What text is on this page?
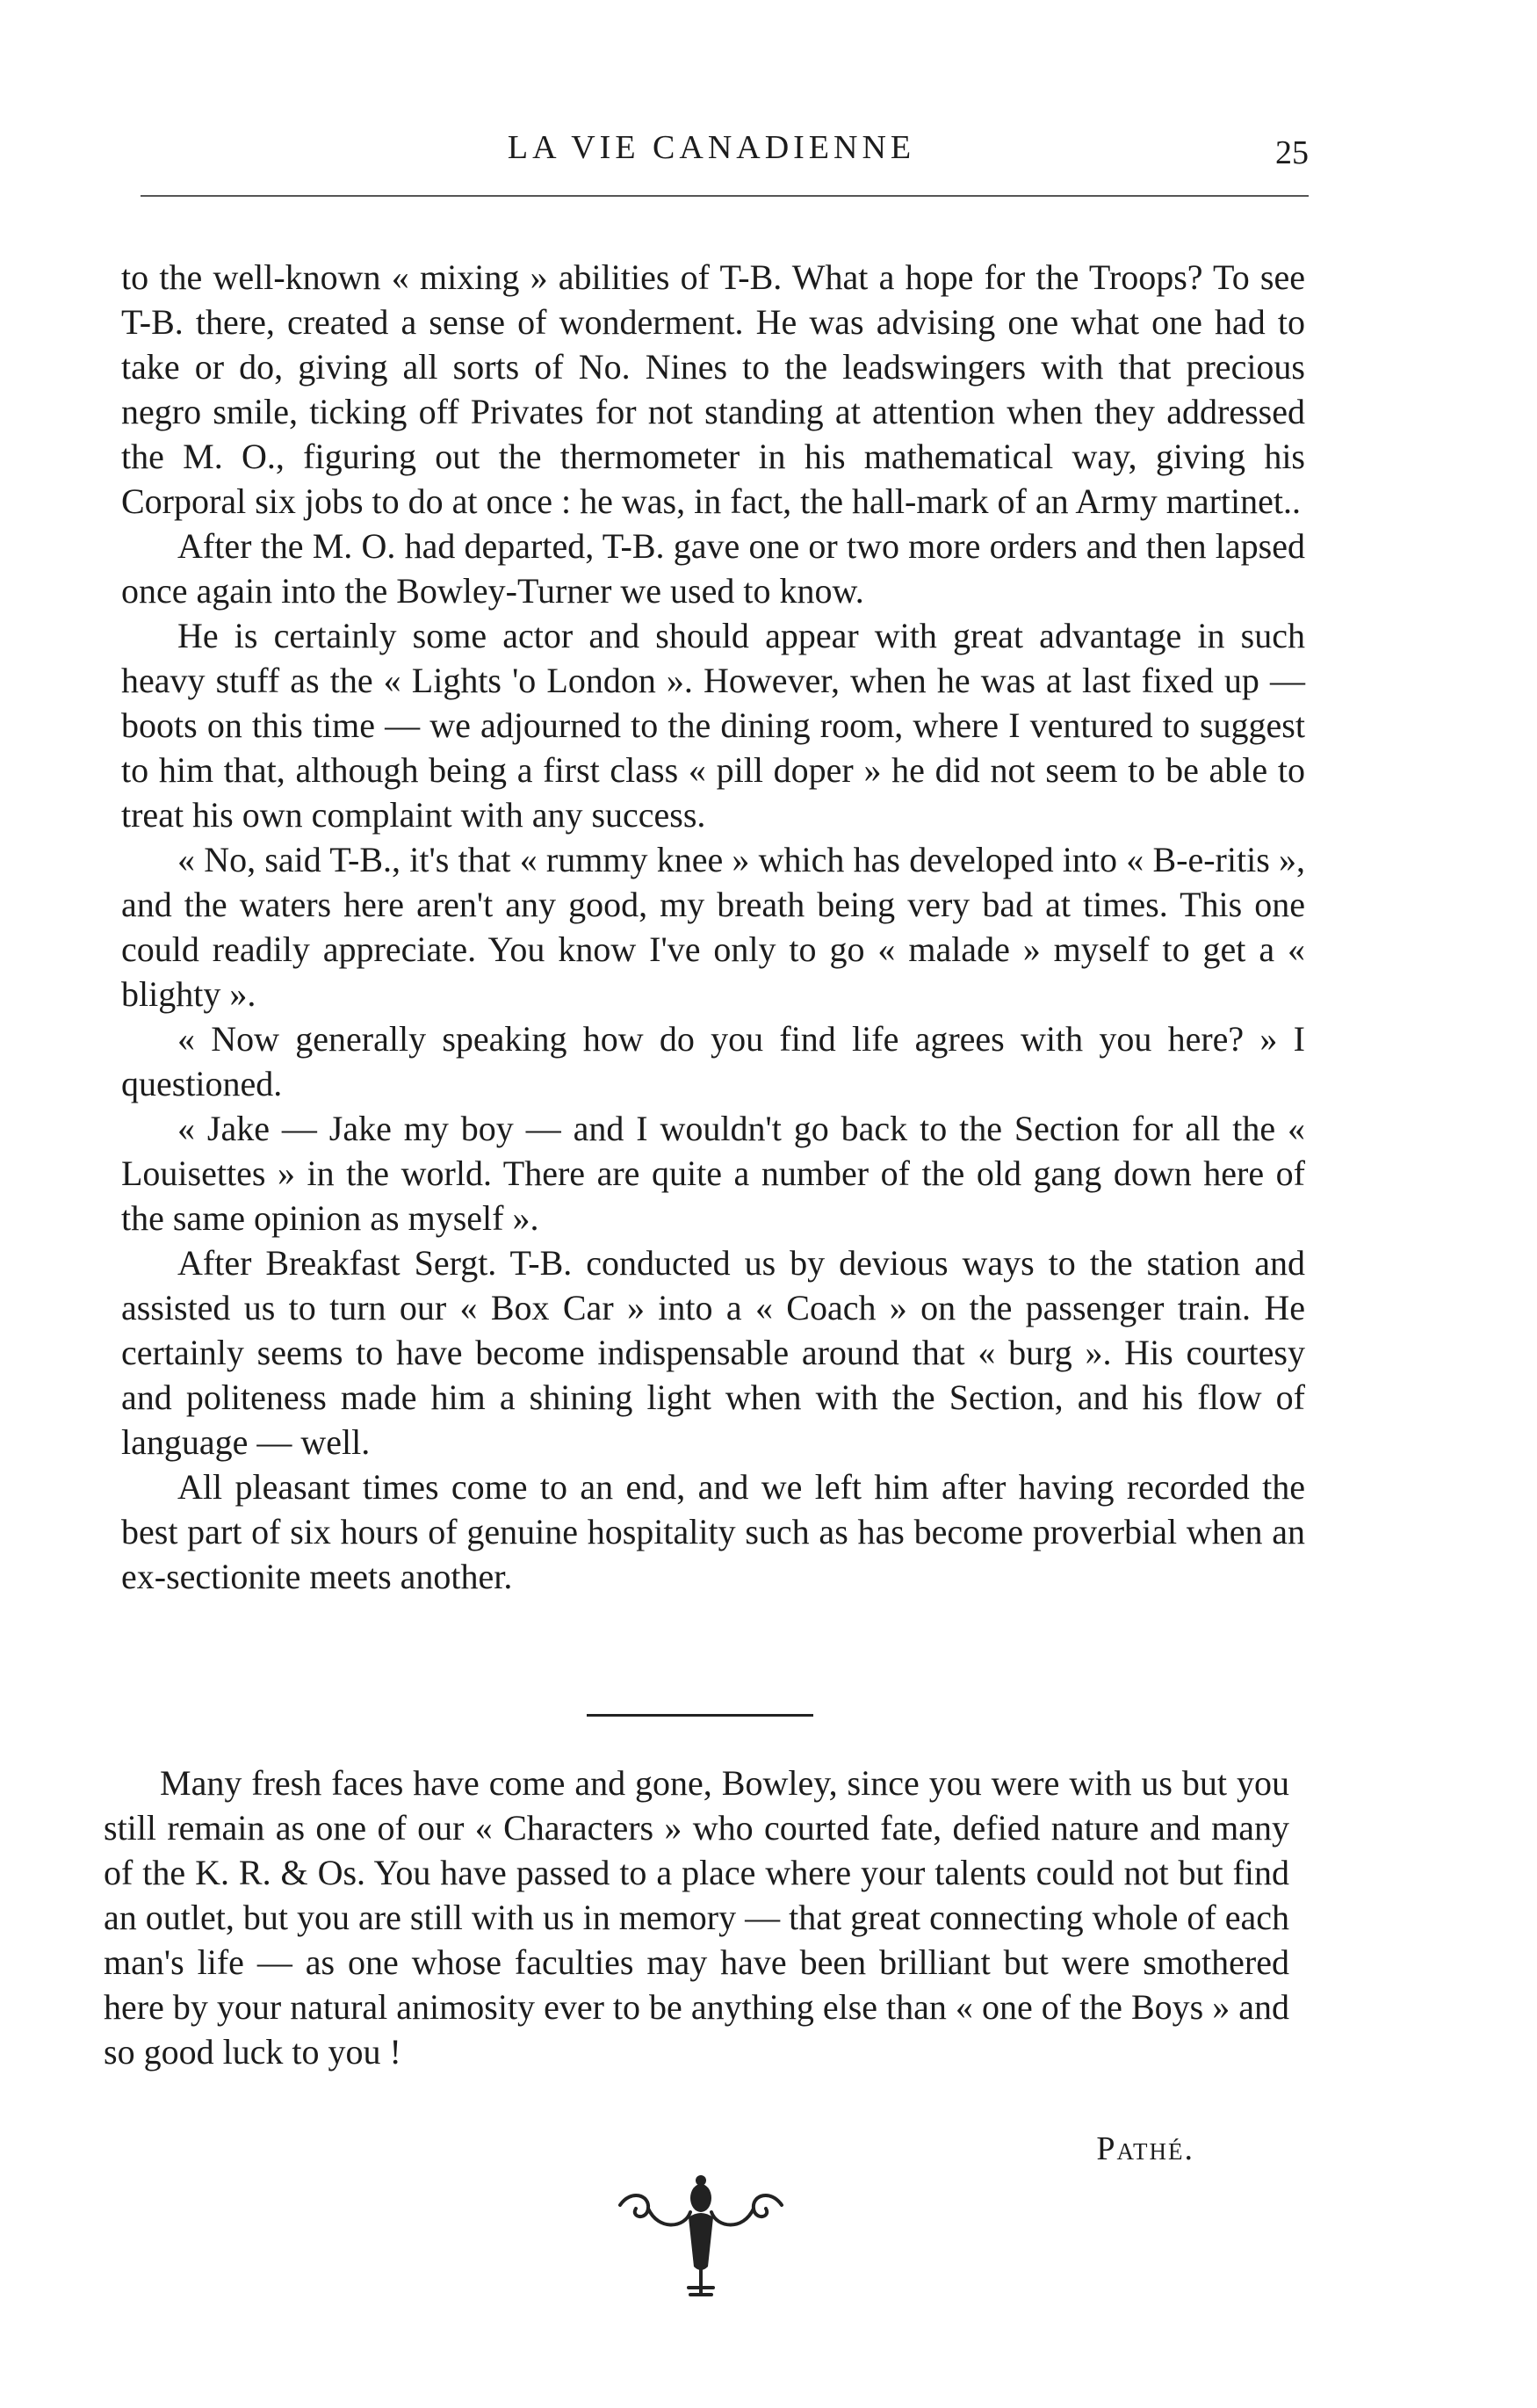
LA VIE CANADIENNE	25

to the well-known « mixing » abilities of T-B. What a hope for the Troops? To see T-B. there, created a sense of wonderment. He was advising one what one had to take or do, giving all sorts of No. Nines to the leadswingers with that precious negro smile, ticking off Privates for not standing at attention when they addressed the M. O., figuring out the thermometer in his mathematical way, giving his Corporal six jobs to do at once : he was, in fact, the hall-mark of an Army martinet..

After the M. O. had departed, T-B. gave one or two more orders and then lapsed once again into the Bowley-Turner we used to know.

He is certainly some actor and should appear with great advantage in such heavy stuff as the « Lights 'o London ». However, when he was at last fixed up — boots on this time — we adjourned to the dining room, where I ventured to suggest to him that, although being a first class « pill doper » he did not seem to be able to treat his own complaint with any success.

« No, said T-B., it's that « rummy knee » which has developed into « B-e-ritis », and the waters here aren't any good, my breath being very bad at times. This one could readily appreciate. You know I've only to go « malade » myself to get a « blighty ».

« Now generally speaking how do you find life agrees with you here? » I questioned.

« Jake — Jake my boy — and I wouldn't go back to the Section for all the « Louisettes » in the world. There are quite a number of the old gang down here of the same opinion as myself ».

After Breakfast Sergt. T-B. conducted us by devious ways to the station and assisted us to turn our « Box Car » into a « Coach » on the passenger train. He certainly seems to have become indispensable around that « burg ». His courtesy and politeness made him a shining light when with the Section, and his flow of language — well.

All pleasant times come to an end, and we left him after having recorded the best part of six hours of genuine hospitality such as has become proverbial when an ex-sectionite meets another.

Many fresh faces have come and gone, Bowley, since you were with us but you still remain as one of our « Characters » who courted fate, defied nature and many of the K. R. & Os. You have passed to a place where your talents could not but find an outlet, but you are still with us in memory — that great connecting whole of each man's life — as one whose faculties may have been brilliant but were smothered here by your natural animosity ever to be anything else than « one of the Boys » and so good luck to you !

Pathé.
